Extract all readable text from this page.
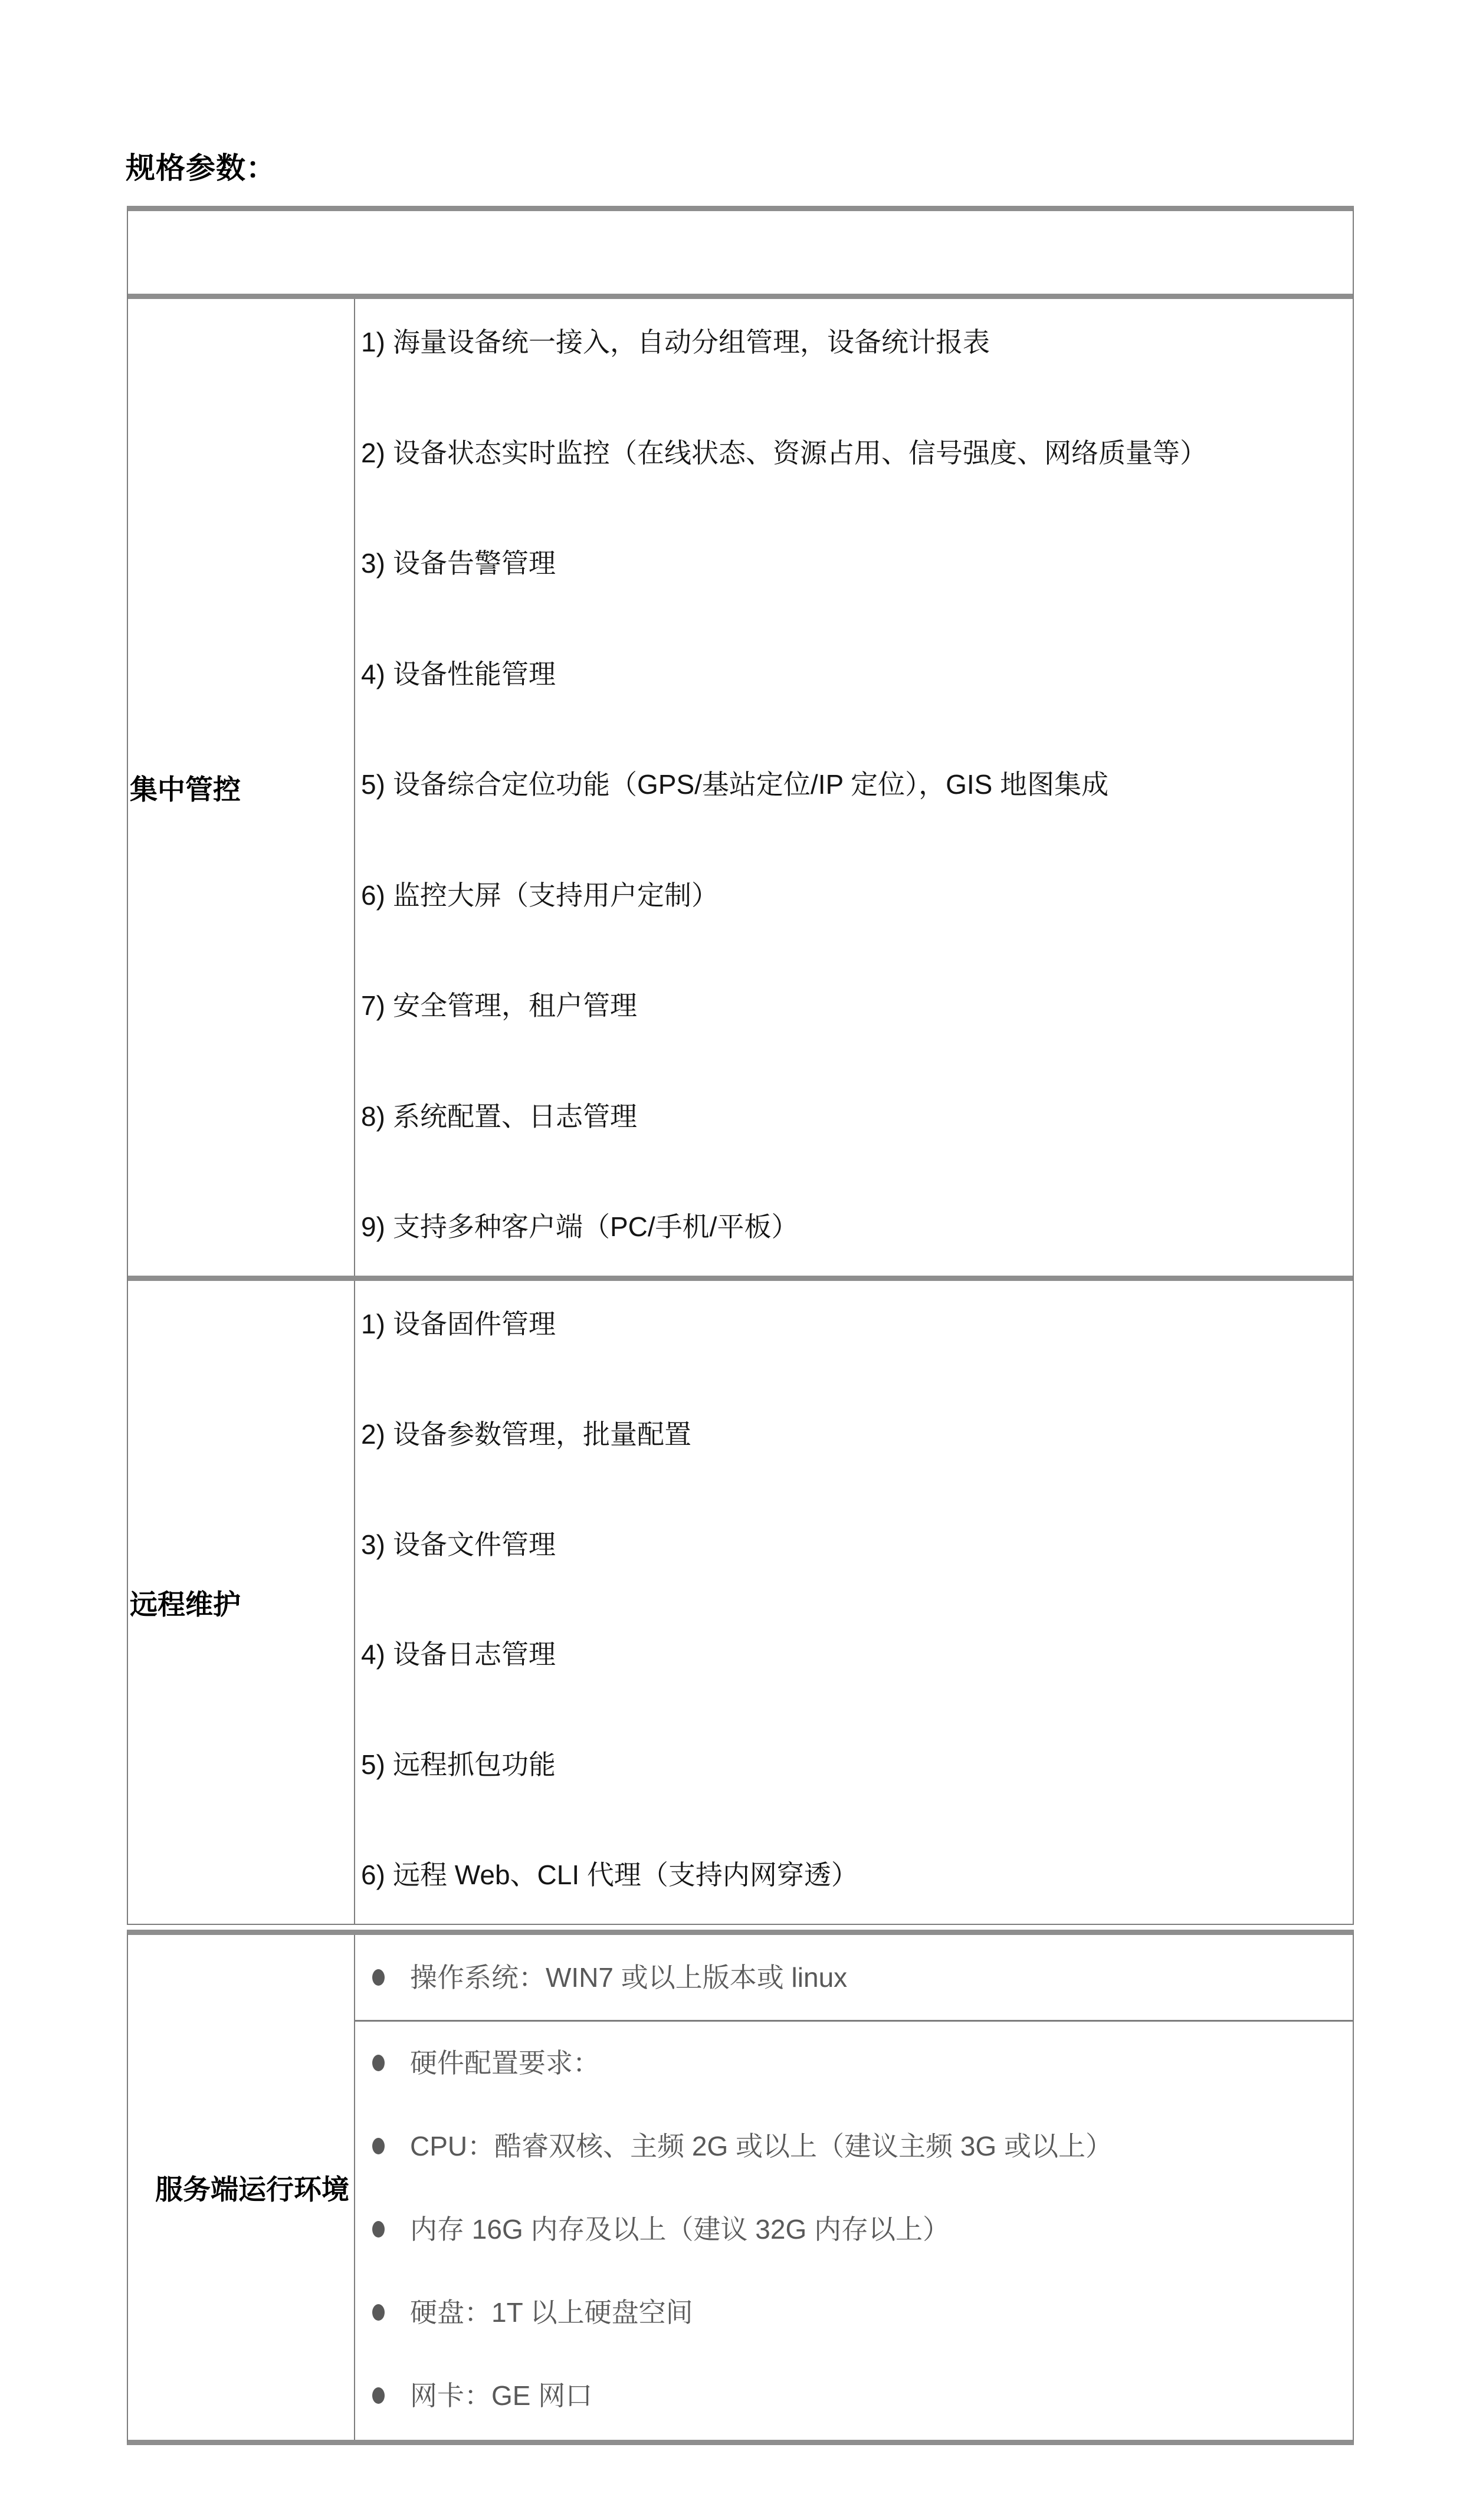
规格参数：
集中管控
1) 海量设备统一接入，自动分组管理，设备统计报表
2) 设备状态实时监控（在线状态、资源占用、信号强度、网络质量等）
3) 设备告警管理
4) 设备性能管理
5) 设备综合定位功能（GPS/基站定位/IP 定位），GIS 地图集成
6) 监控大屏（支持用户定制）
7) 安全管理，租户管理
8) 系统配置、日志管理
9) 支持多种客户端（PC/手机/平板）
远程维护
1) 设备固件管理
2) 设备参数管理，批量配置
3) 设备文件管理
4) 设备日志管理
5) 远程抓包功能
6) 远程 Web、CLI 代理（支持内网穿透）
服务端运行环境
操作系统：WIN7 或以上版本或 linux
硬件配置要求：
CPU：酷睿双核、主频 2G 或以上（建议主频 3G 或以上）
内存 16G 内存及以上（建议 32G 内存以上）
硬盘：1T 以上硬盘空间
网卡：GE 网口
